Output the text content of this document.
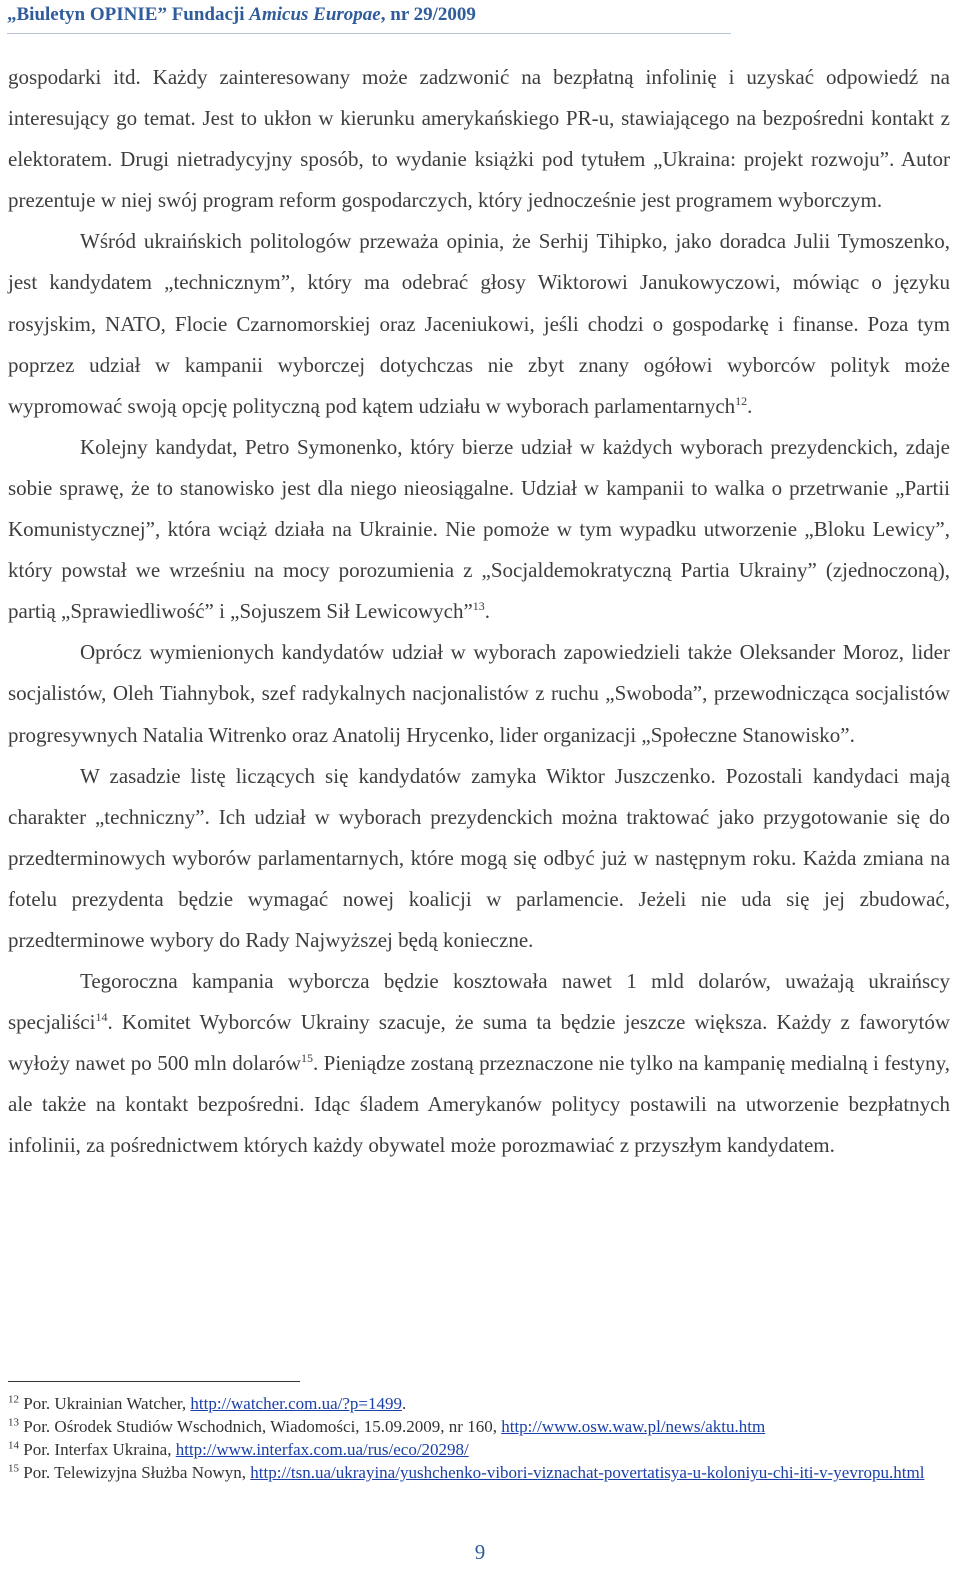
„Biuletyn OPINIE” Fundacji Amicus Europae, nr 29/2009

gospodarki itd. Każdy zainteresowany może zadzwonić na bezpłatną infolinię i uzyskać odpowiedź na interesujący go temat. Jest to ukłon w kierunku amerykańskiego PR-u, stawiającego na bezpośredni kontakt z elektoratem. Drugi nietradycyjny sposób, to wydanie książki pod tytułem „Ukraina: projekt rozwoju”. Autor prezentuje w niej swój program reform gospodarczych, który jednocześnie jest programem wyborczym.

Wśród ukraińskich politologów przeważa opinia, że Serhij Tihipko, jako doradca Julii Tymoszenko, jest kandydatem „technicznym”, który ma odebrać głosy Wiktorowi Janukowyczowi, mówiąc o języku rosyjskim, NATO, Flocie Czarnomorskiej oraz Jaceniukowi, jeśli chodzi o gospodarkę i finanse. Poza tym poprzez udział w kampanii wyborczej dotychczas nie zbyt znany ogółowi wyborców polityk może wypromować swoją opcję polityczną pod kątem udziału w wyborach parlamentarnych$^{12}$.

Kolejny kandydat, Petro Symonenko, który bierze udział w każdych wyborach prezydenckich, zdaje sobie sprawę, że to stanowisko jest dla niego nieosiągalne. Udział w kampanii to walka o przetrwanie „Partii Komunistycznej”, która wciąż działa na Ukrainie. Nie pomoże w tym wypadku utworzenie „Bloku Lewicy”, który powstał we wrześniu na mocy porozumienia z „Socjaldemokratyczną Partia Ukrainy” (zjednoczoną), partią „Sprawiedliwość” i „Sojuszem Sił Lewicowych”$^{13}$.

Oprócz wymienionych kandydatów udział w wyborach zapowiedzieli także Oleksander Moroz, lider socjalistów, Oleh Tiahnybok, szef radykalnych nacjonalistów z ruchu „Swoboda”, przewodnicząca socjalistów progresywnych Natalia Witrenko oraz Anatolij Hrycenko, lider organizacji „Społeczne Stanowisko”.

W zasadzie listę liczących się kandydatów zamyka Wiktor Juszczenko. Pozostali kandydaci mają charakter „techniczny”. Ich udział w wyborach prezydenckich można traktować jako przygotowanie się do przedterminowych wyborów parlamentarnych, które mogą się odbyć już w następnym roku. Każda zmiana na fotelu prezydenta będzie wymagać nowej koalicji w parlamencie. Jeżeli nie uda się jej zbudować, przedterminowe wybory do Rady Najwyższej będą konieczne.

Tegoroczna kampania wyborcza będzie kosztowała nawet 1 mld dolarów, uważają ukraińscy specjaliści$^{14}$. Komitet Wyborców Ukrainy szacuje, że suma ta będzie jeszcze większa. Każdy z faworytów wyłoży nawet po 500 mln dolarów$^{15}$. Pieniądze zostaną przeznaczone nie tylko na kampanię medialną i festyny, ale także na kontakt bezpośredni. Idąc śladem Amerykanów politycy postawili na utworzenie bezpłatnych infolinii, za pośrednictwem których każdy obywatel może porozmawiać z przyszłym kandydatem.

$^{12}$ Por. Ukrainian Watcher, http://watcher.com.ua/?p=1499.
$^{13}$ Por. Ośrodek Studiów Wschodnich, Wiadomości, 15.09.2009, nr 160, http://www.osw.waw.pl/news/aktu.htm
$^{14}$ Por. Interfax Ukraina, http://www.interfax.com.ua/rus/eco/20298/
$^{15}$ Por. Telewizyjna Służba Nowyn, http://tsn.ua/ukrayina/yushchenko-vibori-viznachat-povertatisya-u-koloniyu-chi-iti-v-yevropu.html
9
